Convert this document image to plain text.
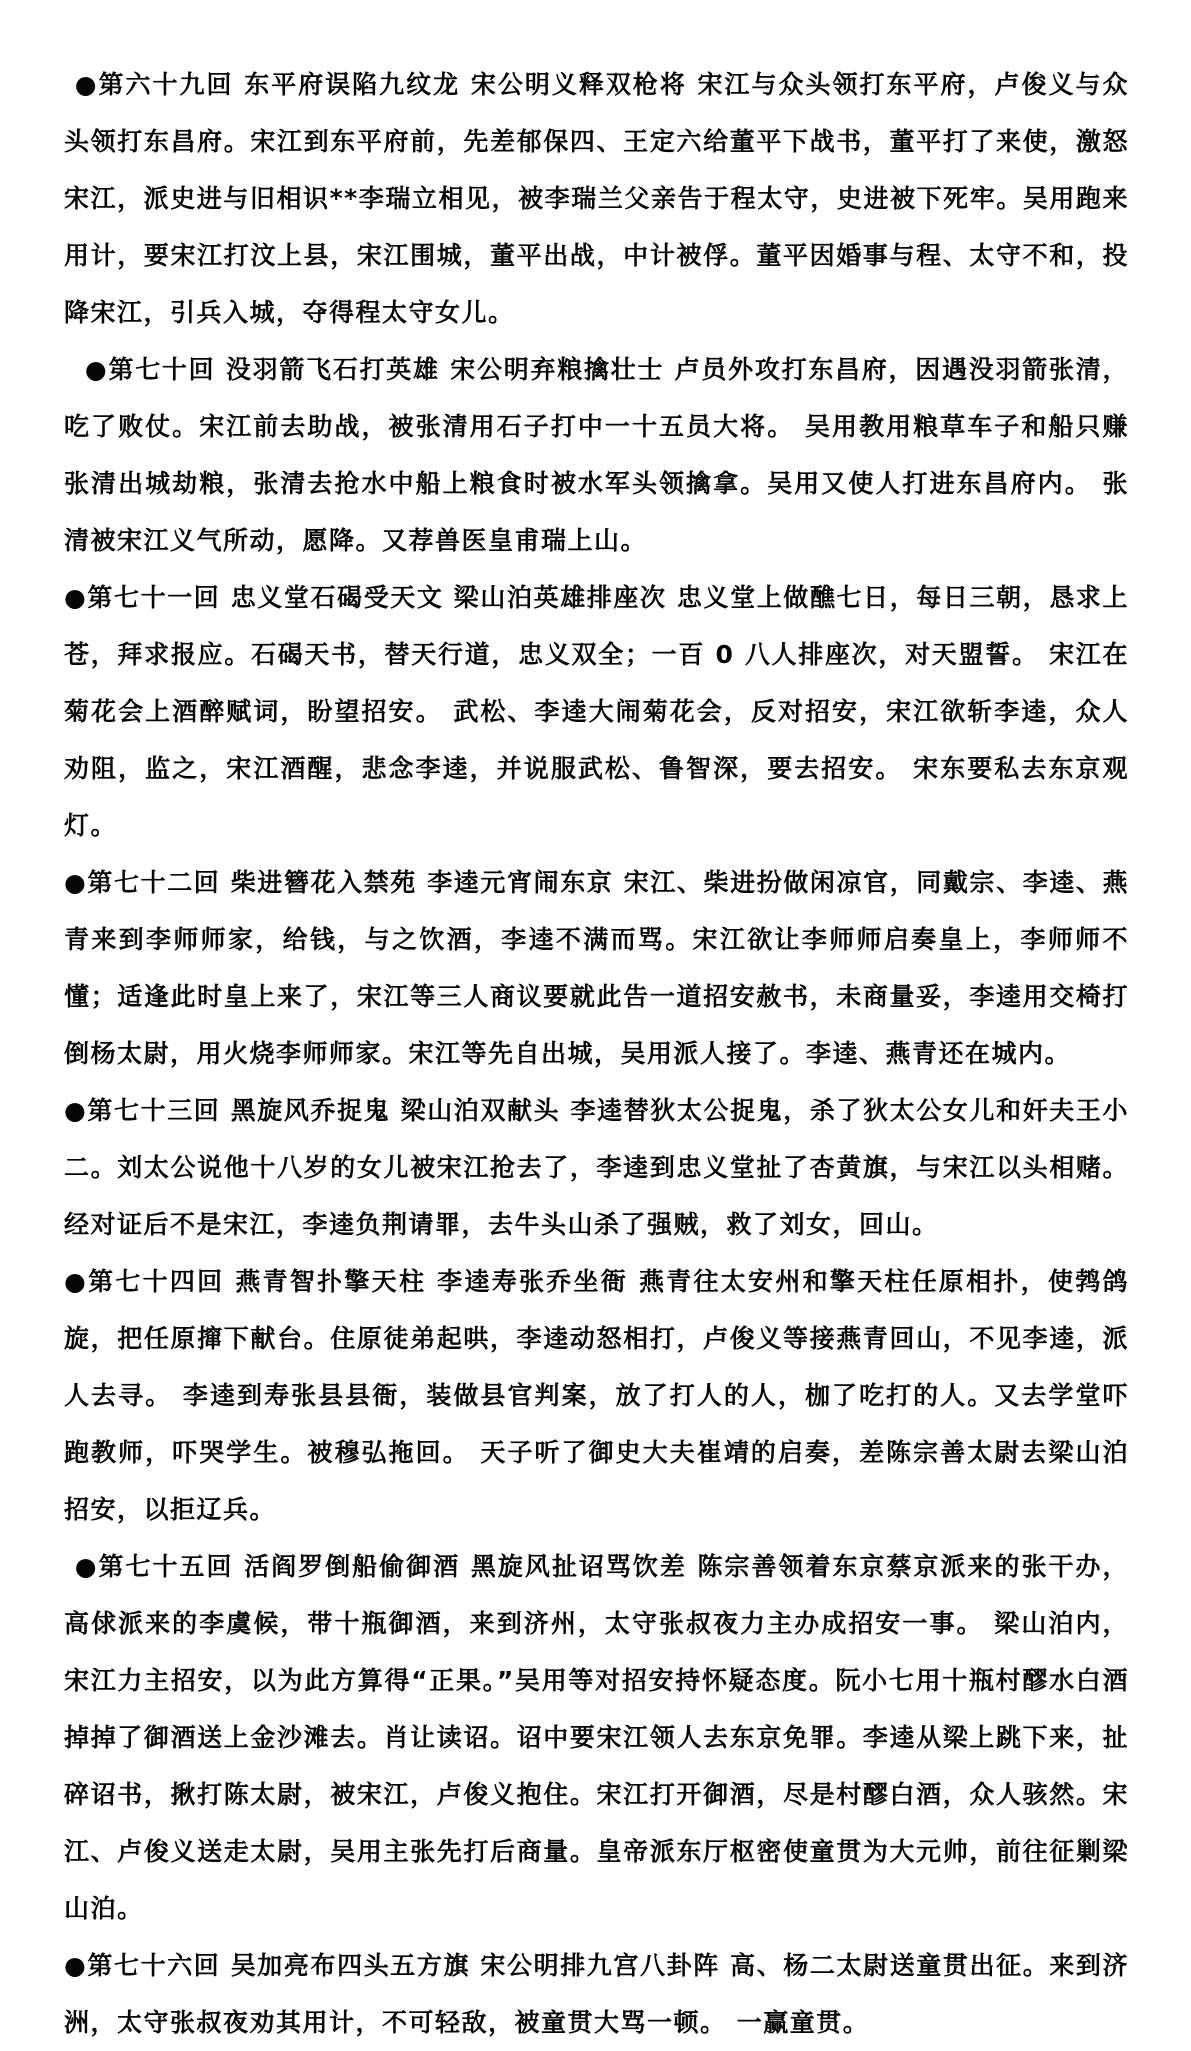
●第六十九回 东平府误陷九纹龙 宋公明义释双枪将 宋江与众头领打东平府，卢俊义与众头领打东昌府。宋江到东平府前，先差郁保四、王定六给董平下战书，董平打了来使，激怒宋江，派史进与旧相识**李瑞立相见，被李瑞兰父亲告于程太守，史进被下死牢。吴用跑来用计，要宋江打汶上县，宋江围城，董平出战，中计被俘。董平因婚事与程、太守不和，投降宋江，引兵入城，夺得程太守女儿。

●第七十回 没羽箭飞石打英雄 宋公明弃粮擒壮士 卢员外攻打东昌府，因遇没羽箭张清，吃了败仗。宋江前去助战，被张清用石子打中一十五员大将。 吴用教用粮草车子和船只赚张清出城劫粮，张清去抢水中船上粮食时被水军头领擒拿。吴用又使人打进东昌府内。 张清被宋江义气所动，愿降。又荐兽医皇甫瑞上山。

●第七十一回 忠义堂石碣受天文 梁山泊英雄排座次 忠义堂上做醮七日，每日三朝，恳求上苍，拜求报应。石碣天书，替天行道，忠义双全；一百 0 八人排座次，对天盟誓。 宋江在菊花会上酒醉赋词，盼望招安。 武松、李逵大闹菊花会，反对招安，宋江欲斩李逵，众人劝阻，监之，宋江酒醒，悲念李逵，并说服武松、鲁智深，要去招安。 宋东要私去东京观灯。

●第七十二回 柴进簪花入禁苑 李逵元宵闹东京 宋江、柴进扮做闲凉官，同戴宗、李逵、燕青来到李师师家，给钱，与之饮酒，李逵不满而骂。宋江欲让李师师启奏皇上，李师师不懂；适逢此时皇上来了，宋江等三人商议要就此告一道招安赦书，未商量妥，李逵用交椅打倒杨太尉，用火烧李师师家。宋江等先自出城，吴用派人接了。李逵、燕青还在城内。

●第七十三回 黑旋风乔捉鬼 梁山泊双献头 李逵替狄太公捉鬼，杀了狄太公女儿和奸夫王小二。刘太公说他十八岁的女儿被宋江抢去了，李逵到忠义堂扯了杏黄旗，与宋江以头相赌。经对证后不是宋江，李逵负荆请罪，去牛头山杀了强贼，救了刘女，回山。

●第七十四回 燕青智扑擎天柱 李逵寿张乔坐衙 燕青往太安州和擎天柱任原相扑，使鹁鸽旋，把任原撺下献台。住原徒弟起哄，李逵动怒相打，卢俊义等接燕青回山，不见李逵，派人去寻。 李逵到寿张县县衙，装做县官判案，放了打人的人，枷了吃打的人。又去学堂吓跑教师，吓哭学生。被穆弘拖回。 天子听了御史大夫崔靖的启奏，差陈宗善太尉去梁山泊招安，以拒辽兵。

●第七十五回 活阎罗倒船偷御酒 黑旋风扯诏骂饮差 陈宗善领着东京蔡京派来的张干办，高俅派来的李虞候，带十瓶御酒，来到济州，太守张叔夜力主办成招安一事。 梁山泊内，宋江力主招安，以为此方算得“正果。”吴用等对招安持怀疑态度。阮小七用十瓶村醪水白酒掉掉了御酒送上金沙滩去。肖让读诏。诏中要宋江领人去东京免罪。李逵从梁上跳下来，扯碎诏书，揪打陈太尉，被宋江，卢俊义抱住。宋江打开御酒，尽是村醪白酒，众人骇然。宋江、卢俊义送走太尉，吴用主张先打后商量。皇帝派东厅枢密使童贯为大元帅，前往征剿梁山泊。

●第七十六回 吴加亮布四头五方旗 宋公明排九宫八卦阵 高、杨二太尉送童贯出征。来到济洲，太守张叔夜劝其用计，不可轻敌，被童贯大骂一顿。 一赢童贯。
